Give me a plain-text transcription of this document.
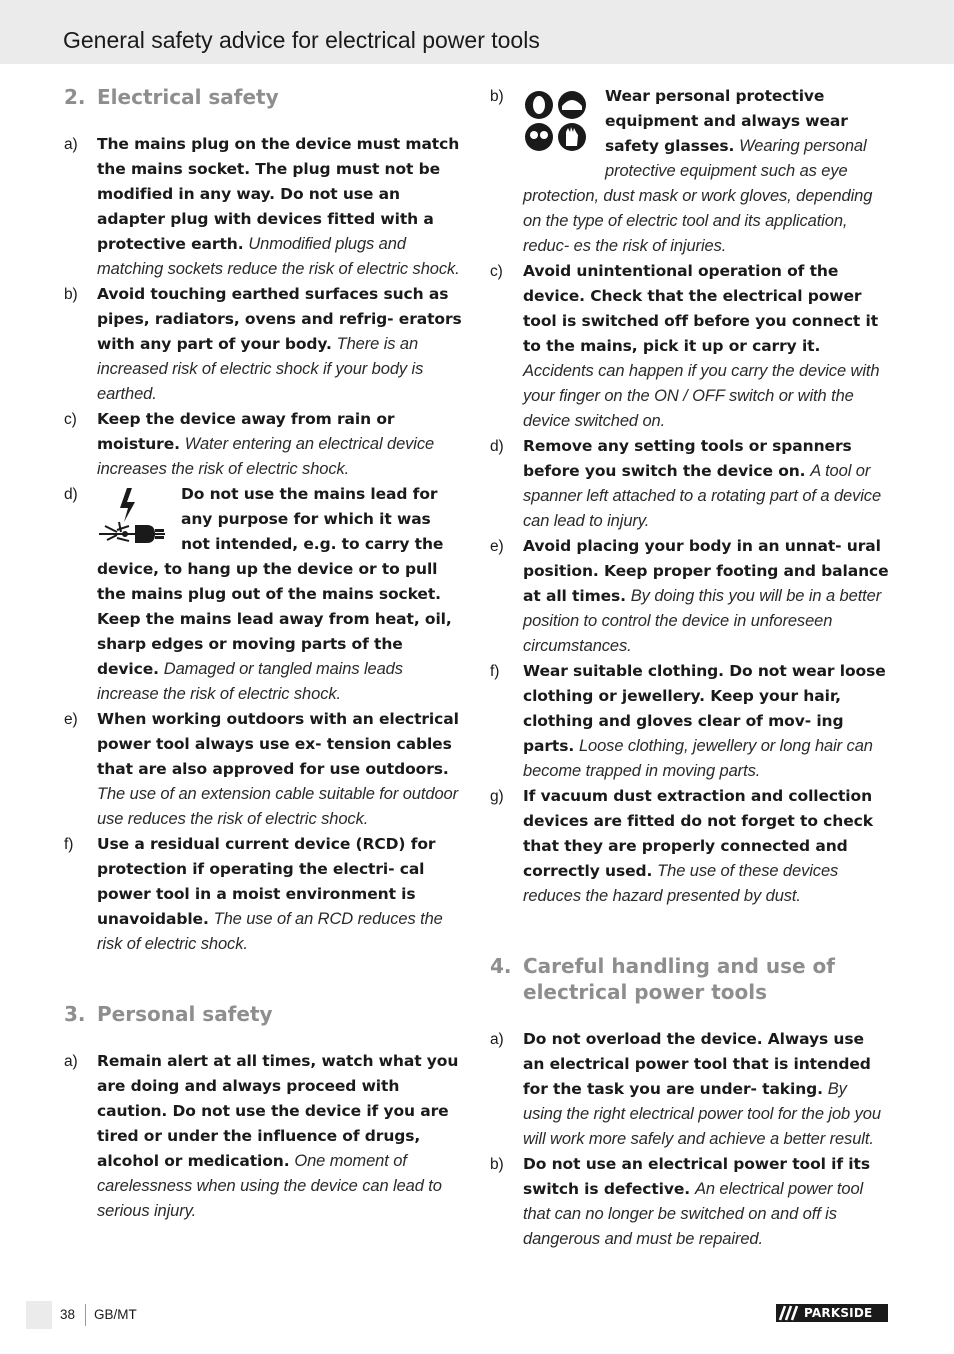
General safety advice for electrical power tools
2. Electrical safety
a)	The mains plug on the device must match the mains socket. The plug must not be modified in any way. Do not use an adapter plug with devices fitted with a protective earth. Unmodified plugs and matching sockets reduce the risk of electric shock.
b)	Avoid touching earthed surfaces such as pipes, radiators, ovens and refrig- erators with any part of your body. There is an increased risk of electric shock if your body is earthed.
c)	Keep the device away from rain or moisture. Water entering an electrical device increases the risk of electric shock.
d)	Do not use the mains lead for any purpose for which it was not intended, e.g. to carry the device, to hang up the device or to pull the mains plug out of the mains socket. Keep the mains lead away from heat, oil, sharp edges or moving parts of the device. Damaged or tangled mains leads increase the risk of electric shock.
e)	When working outdoors with an electrical power tool always use ex- tension cables that are also approved for use outdoors. The use of an extension cable suitable for outdoor use reduces the risk of electric shock.
f)	Use a residual current device (RCD) for protection if operating the electri- cal power tool in a moist environment is unavoidable. The use of an RCD reduces the risk of electric shock.
3. Personal safety
a)	Remain alert at all times, watch what you are doing and always proceed with caution. Do not use the device if you are tired or under the influence of drugs, alcohol or medication. One moment of carelessness when using the device can lead to serious injury.
b)	Wear personal protective equipment and always wear safety glasses. Wearing personal protective equipment such as eye protection, dust mask or work gloves, depending on the type of electric tool and its application, reduc- es the risk of injuries.
c)	Avoid unintentional operation of the device. Check that the electrical power tool is switched off before you connect it to the mains, pick it up or carry it. Accidents can happen if you carry the device with your finger on the ON / OFF switch or with the device switched on.
d)	Remove any setting tools or spanners before you switch the device on. A tool or spanner left attached to a rotating part of a device can lead to injury.
e)	Avoid placing your body in an unnat- ural position. Keep proper footing and balance at all times. By doing this you will be in a better position to control the device in unforeseen circumstances.
f)	Wear suitable clothing. Do not wear loose clothing or jewellery. Keep your hair, clothing and gloves clear of mov- ing parts. Loose clothing, jewellery or long hair can become trapped in moving parts.
g)	If vacuum dust extraction and collection devices are fitted do not forget to check that they are properly connected and correctly used. The use of these devices reduces the hazard presented by dust.
4. Careful handling and use of electrical power tools
a)	Do not overload the device. Always use an electrical power tool that is intended for the task you are under- taking. By using the right electrical power tool for the job you will work more safely and achieve a better result.
b)	Do not use an electrical power tool if its switch is defective. An electrical power tool that can no longer be switched on and off is dangerous and must be repaired.
38 GB/MT	PARKSIDE
